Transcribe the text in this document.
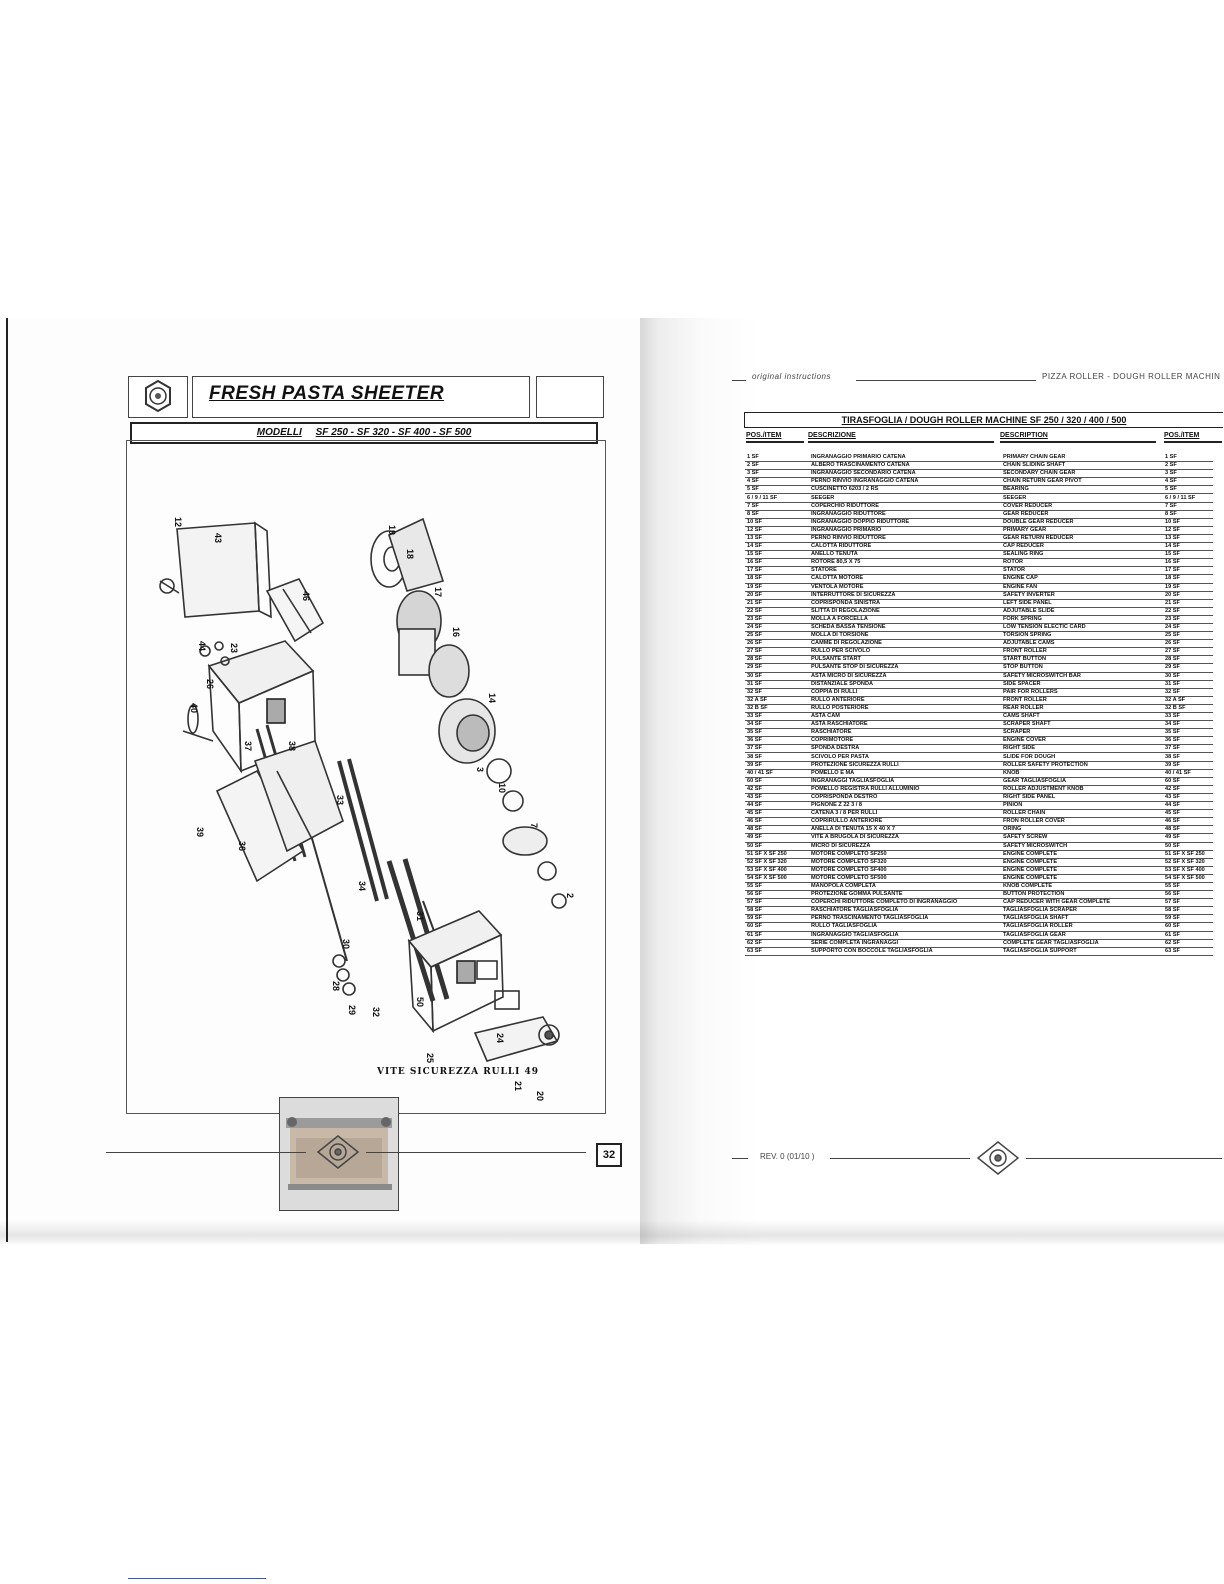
FRESH PASTA SHEETER
MODELLI SF 250 - SF 320 - SF 400 - SF 500
12
43
46
44 23
26
40
37	38
33
39
36
34
31
30
32
50
28
29
25
24
21
20
19
18
17
16
14
3
10
7
2
VITE SICUREZZA RULLI 49
32
original instructions	PIZZA ROLLER - DOUGH ROLLER MACHIN
TIRASFOGLIA / DOUGH ROLLER MACHINE SF 250 / 320 / 400 / 500
POS./ITEM	DESCRIZIONE	DESCRIPTION	POS./ITEM
1 SF	INGRANAGGIO PRIMARIO CATENA	PRIMARY CHAIN GEAR	1 SF
2 SF	ALBERO TRASCINAMENTO CATENA	CHAIN SLIDING SHAFT	2 SF
3 SF	INGRANAGGIO SECONDARIO CATENA	SECONDARY CHAIN GEAR	3 SF
4 SF	PERNO RINVIO INGRANAGGIO CATENA	CHAIN RETURN GEAR PIVOT	4 SF
5 SF	CUSCINETTO 6203 / 2 RS	BEARING	5 SF
6 / 9 / 11 SF	SEEGER	SEEGER	6 / 9 / 11 SF
7 SF	COPERCHIO RIDUTTORE	COVER REDUCER	7 SF
8 SF	INGRANAGGIO RIDUTTORE	GEAR REDUCER	8 SF
10 SF	INGRANAGGIO DOPPIO RIDUTTORE	DOUBLE GEAR REDUCER	10 SF
12 SF	INGRANAGGIO PRIMARIO	PRIMARY GEAR	12 SF
13 SF	PERNO RINVIO RIDUTTORE	GEAR RETURN REDUCER	13 SF
14 SF	CALOTTA RIDUTTORE	CAP REDUCER	14 SF
15 SF	ANELLO TENUTA	SEALING RING	15 SF
16 SF	ROTORE 80,5 X 75	ROTOR	16 SF
17 SF	STATORE	STATOR	17 SF
18 SF	CALOTTA MOTORE	ENGINE CAP	18 SF
19 SF	VENTOLA MOTORE	ENGINE FAN	19 SF
20 SF	INTERRUTTORE DI SICUREZZA	SAFETY INVERTER	20 SF
21 SF	COPRISPONDA SINISTRA	LEFT SIDE PANEL	21 SF
22 SF	SLITTA DI REGOLAZIONE	ADJUTABLE SLIDE	22 SF
23 SF	MOLLA A FORCELLA	FORK SPRING	23 SF
24 SF	SCHEDA BASSA TENSIONE	LOW TENSION ELECTIC CARD	24 SF
25 SF	MOLLA DI TORSIONE	TORSION SPRING	25 SF
26 SF	CAMME DI REGOLAZIONE	ADJUTABLE CAMS	26 SF
27 SF	RULLO PER SCIVOLO	FRONT ROLLER	27 SF
28 SF	PULSANTE START	START BUTTON	28 SF
29 SF	PULSANTE STOP DI SICUREZZA	STOP BUTTON	29 SF
30 SF	ASTA MICRO DI SICUREZZA	SAFETY MICROSWITCH BAR	30 SF
31 SF	DISTANZIALE SPONDA	SIDE SPACER	31 SF
32 SF	COPPIA DI RULLI	PAIR FOR ROLLERS	32 SF
32 A SF	RULLO ANTERIORE	FRONT ROLLER	32 A SF
32 B SF	RULLO POSTERIORE	REAR ROLLER	32 B SF
33 SF	ASTA CAM	CAMS SHAFT	33 SF
34 SF	ASTA RASCHIATORE	SCRAPER SHAFT	34 SF
35 SF	RASCHIATORE	SCRAPER	35 SF
36 SF	COPRIMOTORE	ENGINE COVER	36 SF
37 SF	SPONDA DESTRA	RIGHT SIDE	37 SF
38 SF	SCIVOLO PER PASTA	SLIDE FOR DOUGH	38 SF
39 SF	PROTEZIONE SICUREZZA RULLI	ROLLER SAFETY PROTECTION	39 SF
40 / 41 SF	POMELLO E MA	KNOB	40 / 41 SF
60 SF	INGRANAGGI TAGLIASFOGLIA	GEAR TAGLIASFOGLIA	60 SF
42 SF	POMELLO REGISTRA RULLI ALLUMINIO	ROLLER ADJUSTMENT KNOB	42 SF
43 SF	COPRISPONDA DESTRO	RIGHT SIDE PANEL	43 SF
44 SF	PIGNONE Z 22 3 / 8	PINION	44 SF
45 SF	CATENA 3 / 8 PER RULLI	ROLLER CHAIN	45 SF
46 SF	COPRIRULLO ANTERIORE	FRON ROLLER COVER	46 SF
48 SF	ANELLA DI TENUTA 15 X 40 X 7	ORING	48 SF
49 SF	VITE A BRUGOLA DI SICUREZZA	SAFETY SCREW	49 SF
50 SF	MICRO DI SICUREZZA	SAFETY MICROSWITCH	50 SF
51 SF X SF 250	MOTORE COMPLETO SF250	ENGINE COMPLETE	51 SF X SF 250
52 SF X SF 320	MOTORE COMPLETO SF320	ENGINE COMPLETE	52 SF X SF 320
53 SF X SF 400	MOTORE COMPLETO SF400	ENGINE COMPLETE	53 SF X SF 400
54 SF X SF 500	MOTORE COMPLETO SF500	ENGINE COMPLETE	54 SF X SF 500
55 SF	MANOPOLA COMPLETA	KNOB COMPLETE	55 SF
56 SF	PROTEZIONE GOMMA PULSANTE	BUTTON PROTECTION	56 SF
57 SF	COPERCHI RIDUTTORE COMPLETO DI INGRANAGGIO	CAP REDUCER WITH GEAR COMPLETE	57 SF
58 SF	RASCHIATORE TAGLIASFOGLIA	TAGLIASFOGLIA SCRAPER	58 SF
59 SF	PERNO TRASCINAMENTO TAGLIASFOGLIA	TAGLIASFOGLIA SHAFT	59 SF
60 SF	RULLO TAGLIASFOGLIA	TAGLIASFOGLIA ROLLER	60 SF
61 SF	INGRANAGGIO TAGLIASFOGLIA	TAGLIASFOGLIA GEAR	61 SF
62 SF	SERIE COMPLETA INGRANAGGI	COMPLETE GEAR TAGLIASFOGLIA	62 SF
63 SF	SUPPORTO CON BOCCOLE TAGLIASFOGLIA	TAGLIASFOGLIA SUPPORT	63 SF
REV. 0 (01/10 )
